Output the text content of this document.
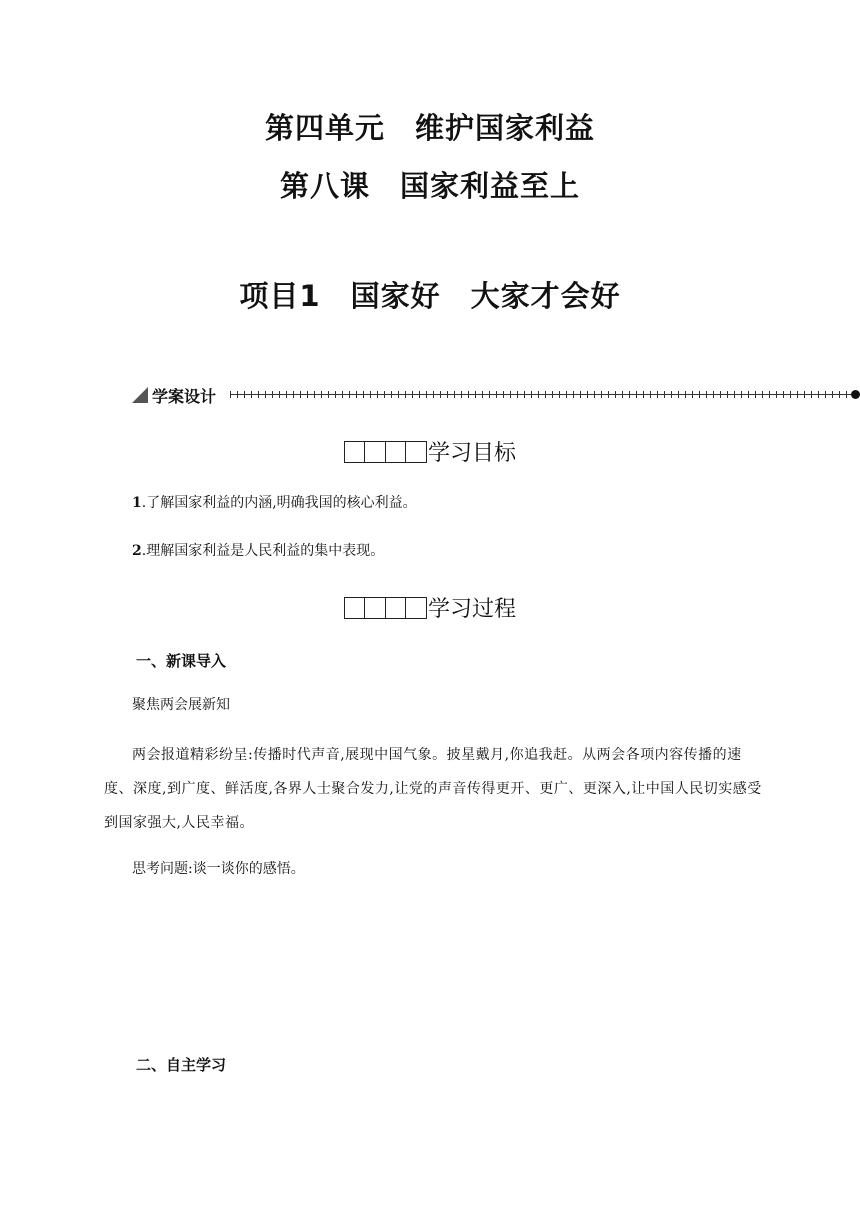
第四单元 维护国家利益
第八课 国家利益至上
项目1 国家好 大家才会好
学案设计
学习目标
1.了解国家利益的内涵,明确我国的核心利益。
2.理解国家利益是人民利益的集中表现。
学习过程
一、新课导入
聚焦两会展新知
两会报道精彩纷呈:传播时代声音,展现中国气象。披星戴月,你追我赶。从两会各项内容传播的速度、深度,到广度、鲜活度,各界人士聚合发力,让党的声音传得更开、更广、更深入,让中国人民切实感受到国家强大,人民幸福。
思考问题:谈一谈你的感悟。
二、自主学习
